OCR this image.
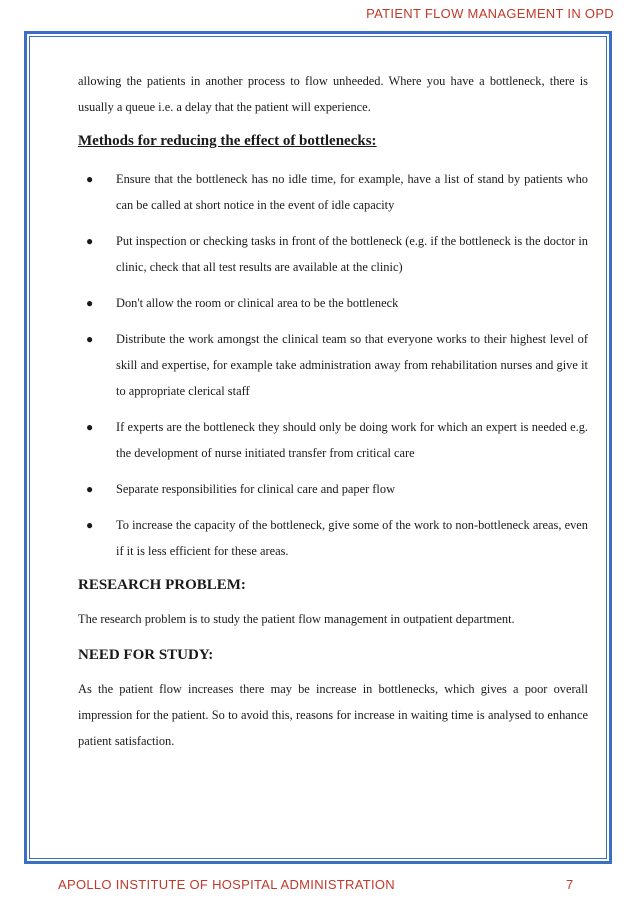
PATIENT FLOW MANAGEMENT IN OPD

allowing the patients in another process to flow unheeded. Where you have a bottleneck, there is usually a queue i.e. a delay that the patient will experience.

Methods for reducing the effect of bottlenecks:
● Ensure that the bottleneck has no idle time, for example, have a list of stand by patients who can be called at short notice in the event of idle capacity
● Put inspection or checking tasks in front of the bottleneck (e.g. if the bottleneck is the doctor in clinic, check that all test results are available at the clinic)
● Don't allow the room or clinical area to be the bottleneck
● Distribute the work amongst the clinical team so that everyone works to their highest level of skill and expertise, for example take administration away from rehabilitation nurses and give it to appropriate clerical staff
● If experts are the bottleneck they should only be doing work for which an expert is needed e.g. the development of nurse initiated transfer from critical care
● Separate responsibilities for clinical care and paper flow
● To increase the capacity of the bottleneck, give some of the work to non-bottleneck areas, even if it is less efficient for these areas.
RESEARCH PROBLEM:

The research problem is to study the patient flow management in outpatient department.

NEED FOR STUDY:

As the patient flow increases there may be increase in bottlenecks, which gives a poor overall impression for the patient. So to avoid this, reasons for increase in waiting time is analysed to enhance patient satisfaction.

APOLLO INSTITUTE OF HOSPITAL ADMINISTRATION	7
